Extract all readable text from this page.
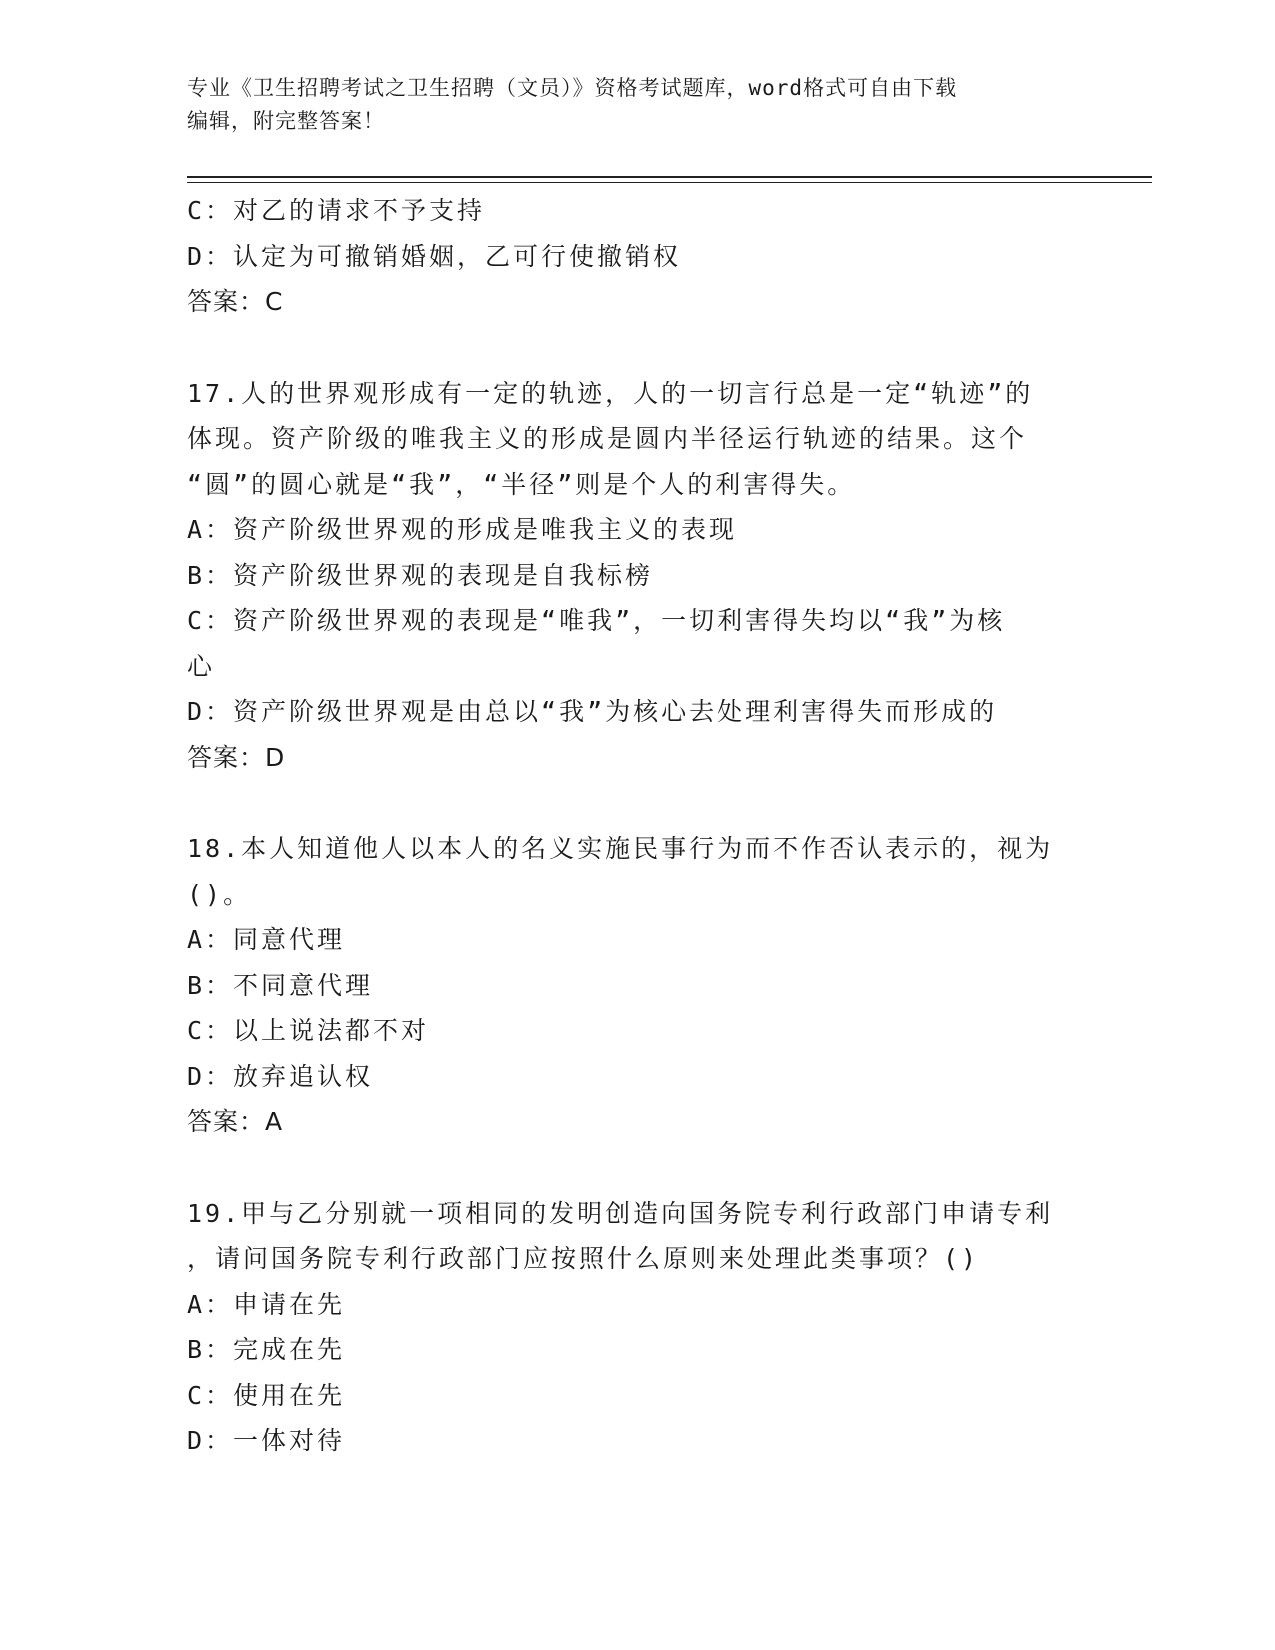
专业《卫生招聘考试之卫生招聘（文员）》资格考试题库，word格式可自由下载
编辑，附完整答案！
C：对乙的请求不予支持
D：认定为可撤销婚姻，乙可行使撤销权
答案：C
17.人的世界观形成有一定的轨迹，人的一切言行总是一定“轨迹”的
体现。资产阶级的唯我主义的形成是圆内半径运行轨迹的结果。这个
“圆”的圆心就是“我”，“半径”则是个人的利害得失。
A：资产阶级世界观的形成是唯我主义的表现
B：资产阶级世界观的表现是自我标榜
C：资产阶级世界观的表现是“唯我”，一切利害得失均以“我”为核
心
D：资产阶级世界观是由总以“我”为核心去处理利害得失而形成的
答案：D
18.本人知道他人以本人的名义实施民事行为而不作否认表示的，视为
()。
A：同意代理
B：不同意代理
C：以上说法都不对
D：放弃追认权
答案：A
19.甲与乙分别就一项相同的发明创造向国务院专利行政部门申请专利
，请问国务院专利行政部门应按照什么原则来处理此类事项？()
A：申请在先
B：完成在先
C：使用在先
D：一体对待
